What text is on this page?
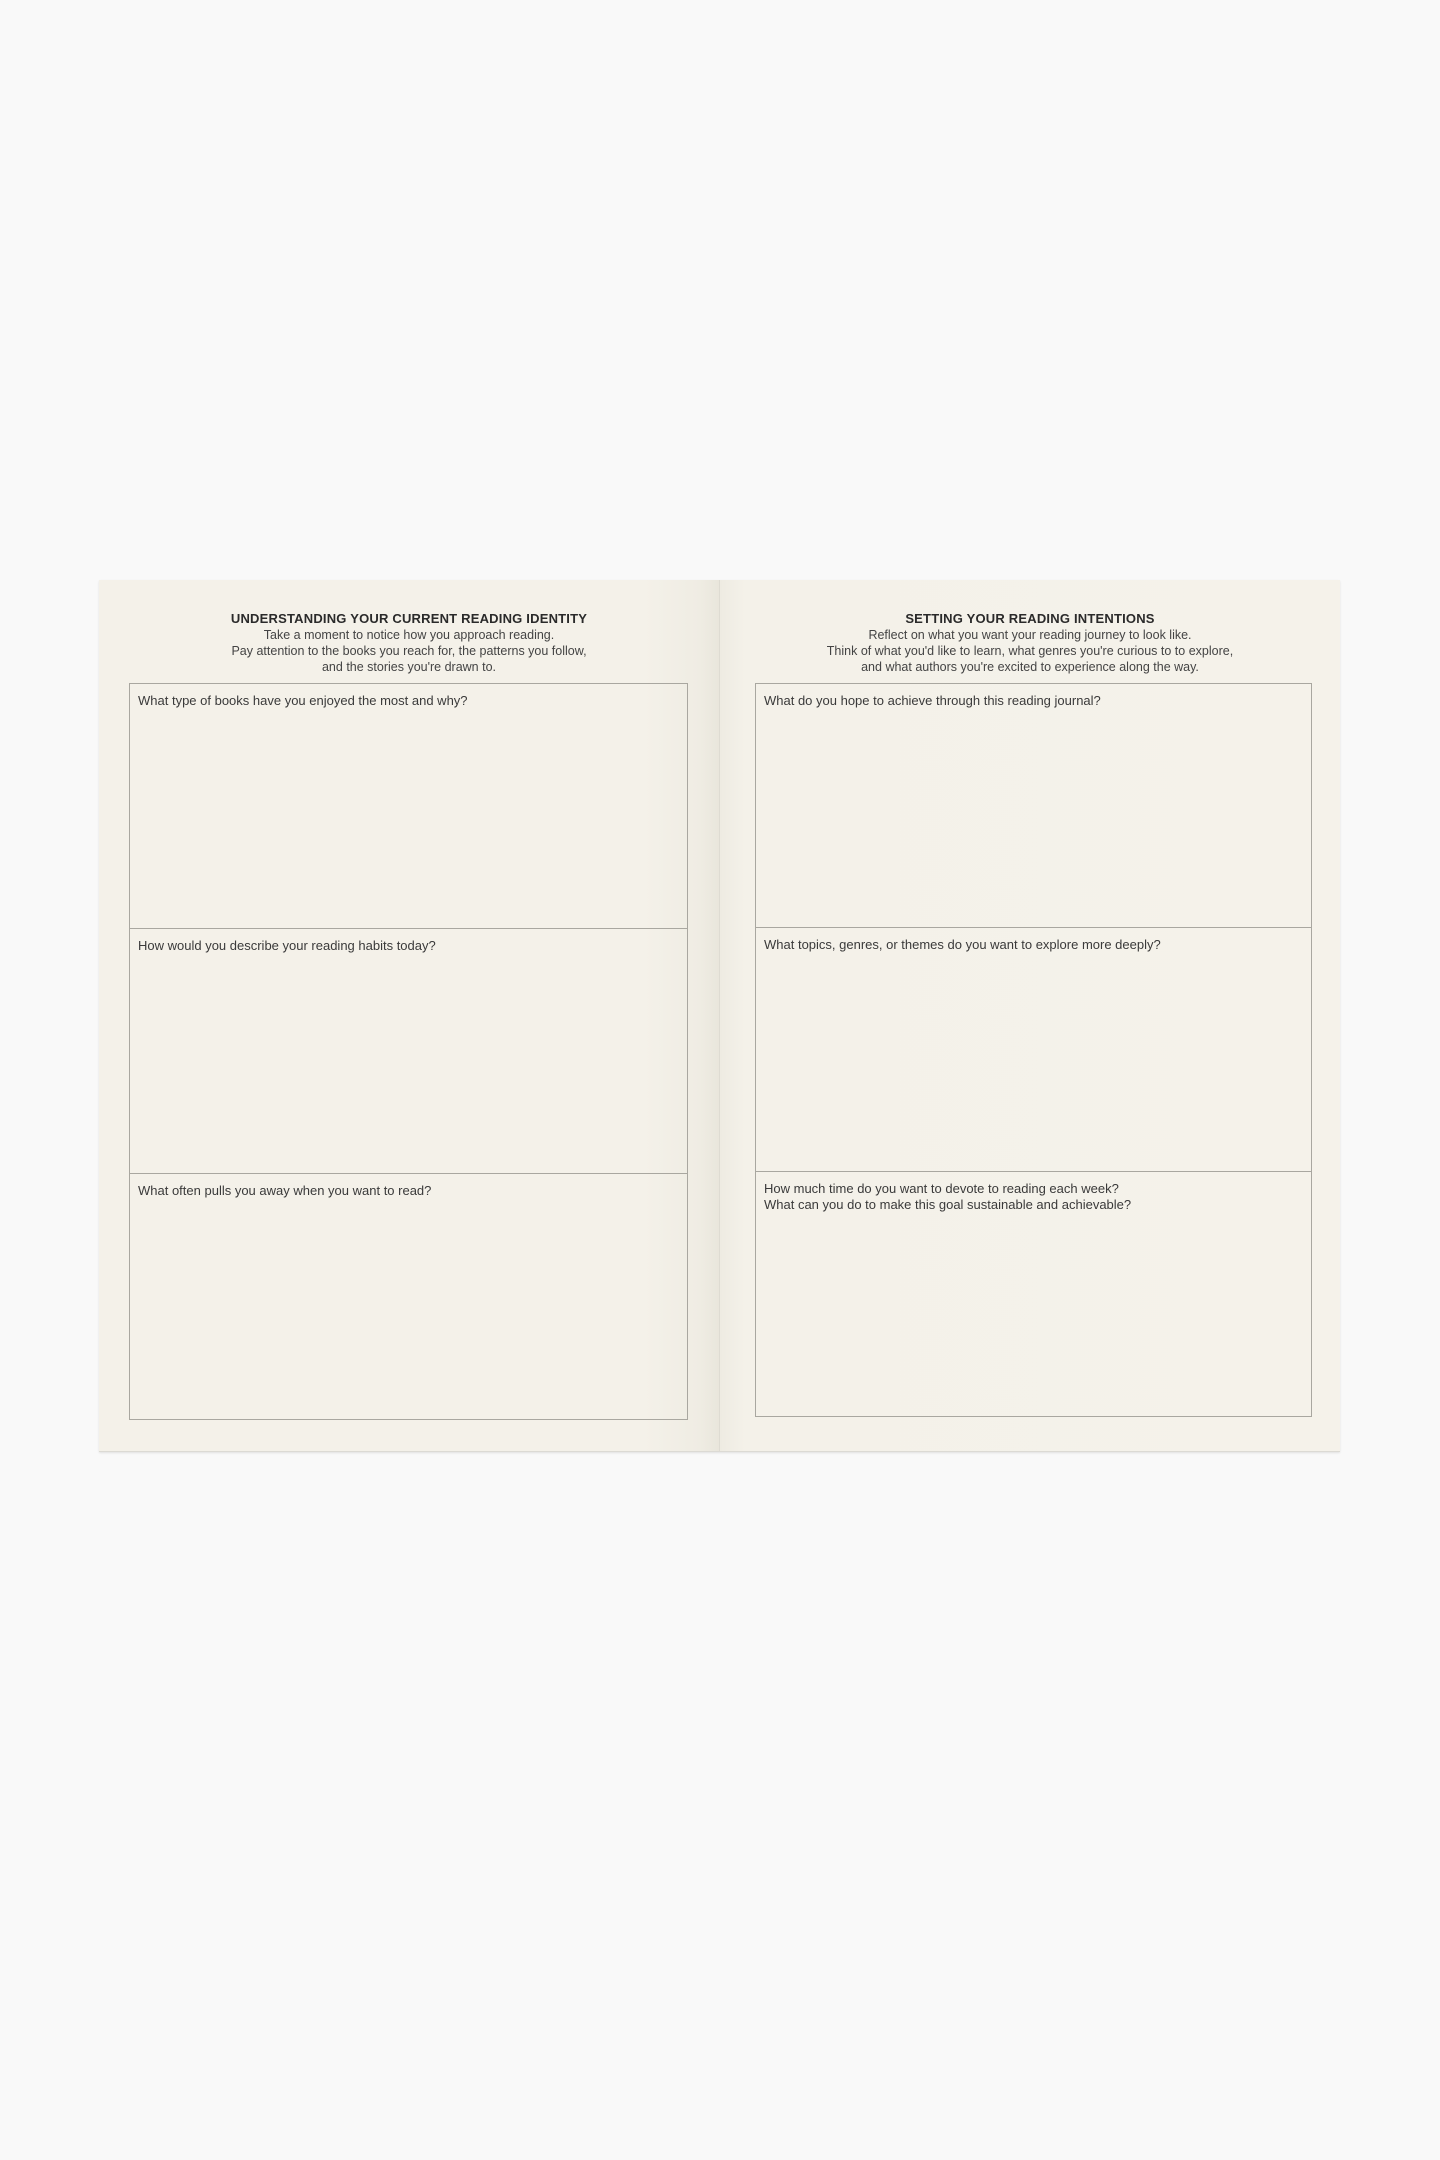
UNDERSTANDING YOUR CURRENT READING IDENTITY
Take a moment to notice how you approach reading.
Pay attention to the books you reach for, the patterns you follow,
and the stories you're drawn to.
What type of books have you enjoyed the most and why?
How would you describe your reading habits today?
What often pulls you away when you want to read?
SETTING YOUR READING INTENTIONS
Reflect on what you want your reading journey to look like.
Think of what you'd like to learn, what genres you're curious to to explore,
and what authors you're excited to experience along the way.
What do you hope to achieve through this reading journal?
What topics, genres, or themes do you want to explore more deeply?
How much time do you want to devote to reading each week?
What can you do to make this goal sustainable and achievable?
